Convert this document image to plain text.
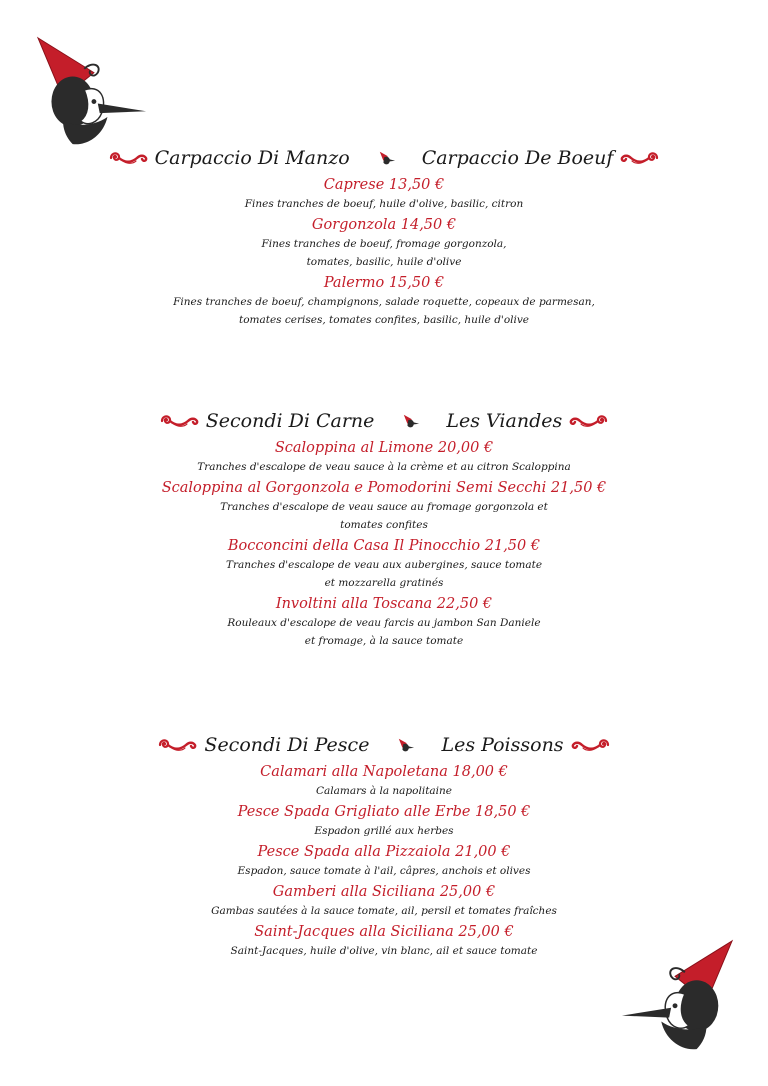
Carpaccio Di Manzo	Carpaccio De Boeuf
Caprese 13,50 €
Fines tranches de boeuf, huile d'olive, basilic, citron
Gorgonzola 14,50 €
Fines tranches de boeuf, fromage gorgonzola,
tomates, basilic, huile d'olive
Palermo 15,50 €
Fines tranches de boeuf, champignons, salade roquette, copeaux de parmesan,
tomates cerises, tomates confites, basilic, huile d'olive
Secondi Di Carne	Les Viandes
Scaloppina al Limone 20,00 €
Tranches d'escalope de veau sauce à la crème et au citron Scaloppina
Scaloppina al Gorgonzola e Pomodorini Semi Secchi 21,50 €
Tranches d'escalope de veau sauce au fromage gorgonzola et
tomates confites
Bocconcini della Casa Il Pinocchio 21,50 €
Tranches d'escalope de veau aux aubergines, sauce tomate
et mozzarella gratinés
Involtini alla Toscana 22,50 €
Rouleaux d'escalope de veau farcis au jambon San Daniele
et fromage, à la sauce tomate
Secondi Di Pesce	Les Poissons
Calamari alla Napoletana 18,00 €
Calamars à la napolitaine
Pesce Spada Grigliato alle Erbe 18,50 €
Espadon grillé aux herbes
Pesce Spada alla Pizzaiola 21,00 €
Espadon, sauce tomate à l'ail, câpres, anchois et olives
Gamberi alla Siciliana 25,00 €
Gambas sautées à la sauce tomate, ail, persil et tomates fraîches
Saint-Jacques alla Siciliana 25,00 €
Saint-Jacques, huile d'olive, vin blanc, ail et sauce tomate
